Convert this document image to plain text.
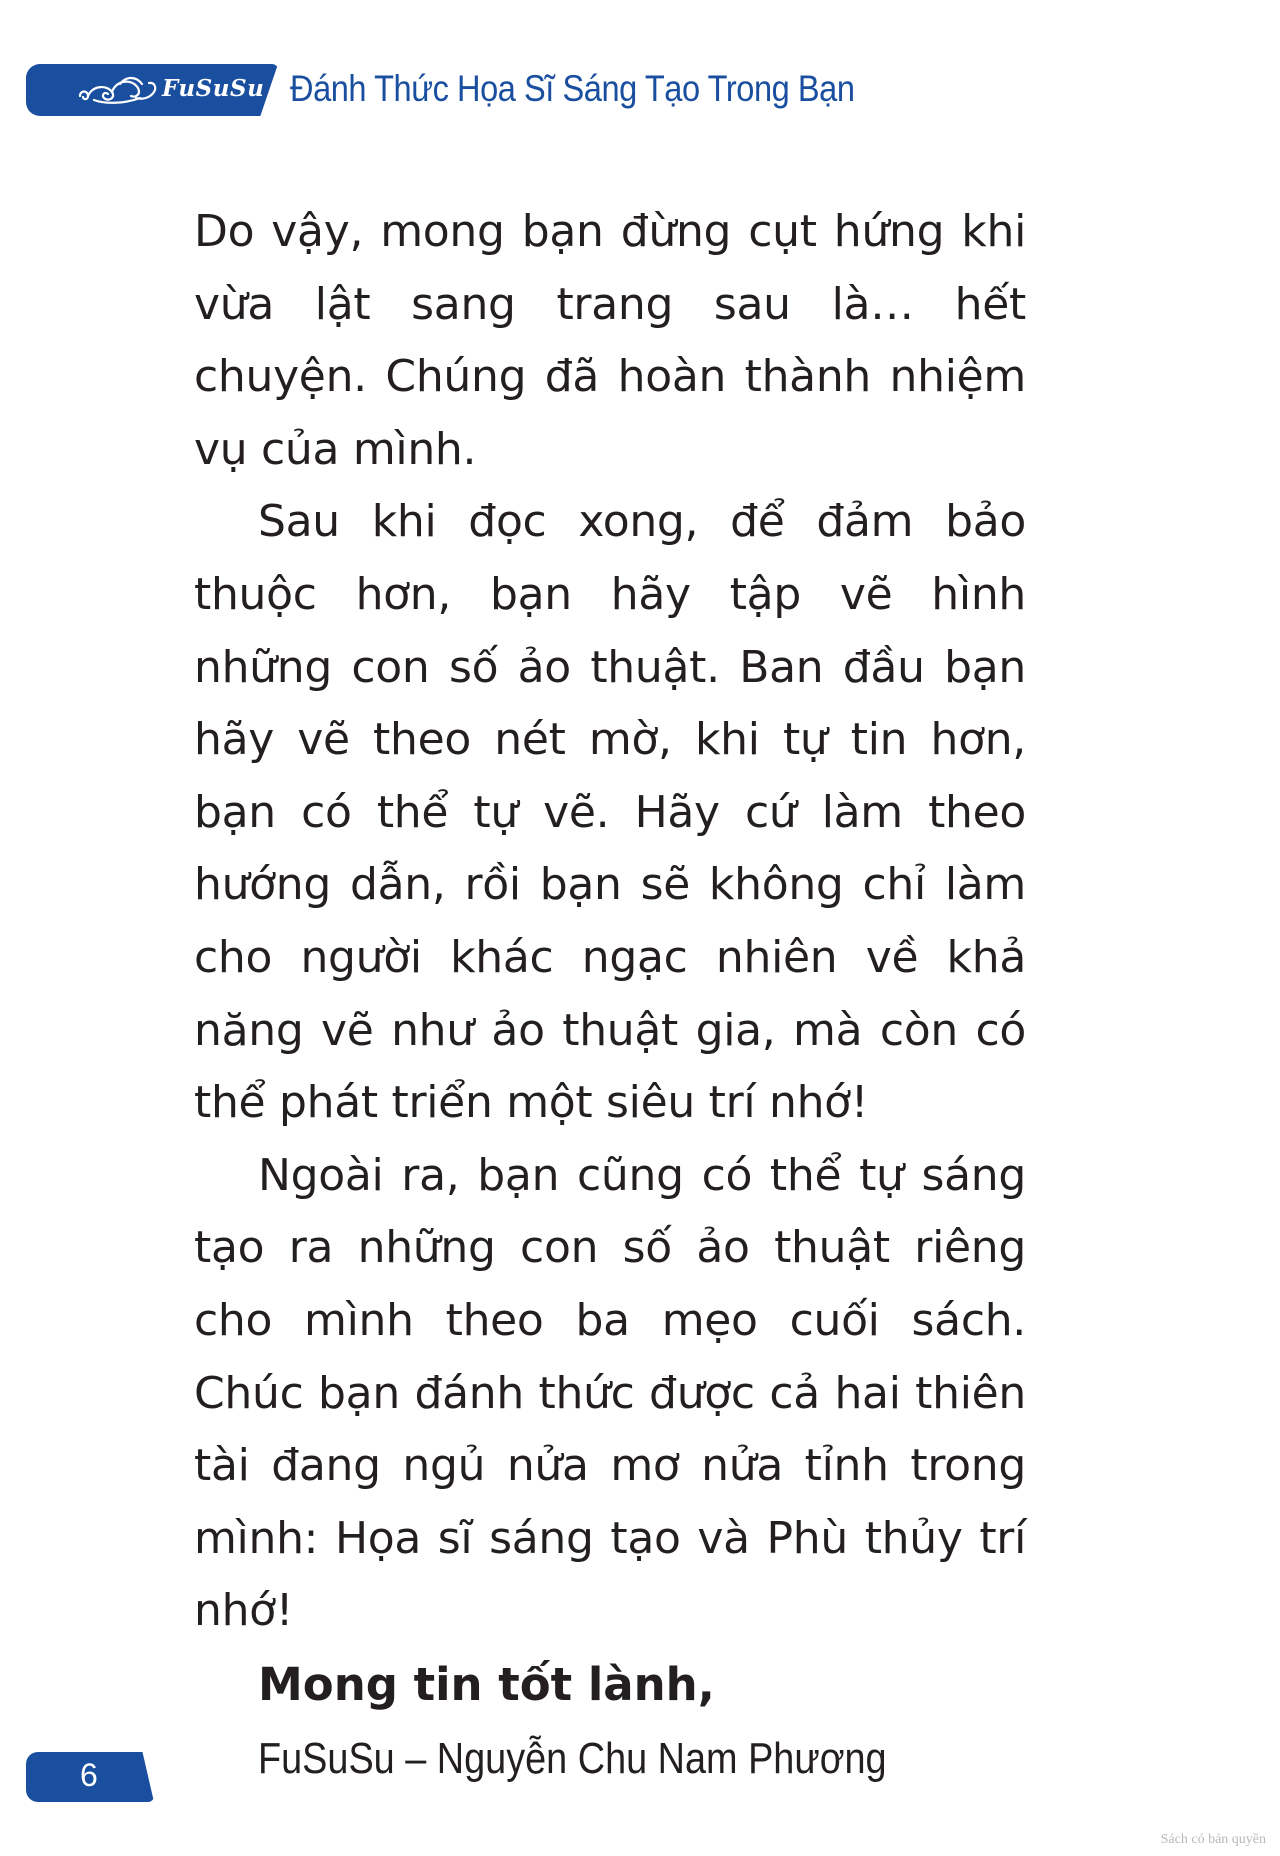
FuSuSu Đánh Thức Họa Sĩ Sáng Tạo Trong Bạn

Do vậy, mong bạn đừng cụt hứng khi vừa lật sang trang sau là… hết chuyện. Chúng đã hoàn thành nhiệm vụ của mình.

Sau khi đọc xong, để đảm bảo thuộc hơn, bạn hãy tập vẽ hình những con số ảo thuật. Ban đầu bạn hãy vẽ theo nét mờ, khi tự tin hơn, bạn có thể tự vẽ. Hãy cứ làm theo hướng dẫn, rồi bạn sẽ không chỉ làm cho người khác ngạc nhiên về khả năng vẽ như ảo thuật gia, mà còn có thể phát triển một siêu trí nhớ!

Ngoài ra, bạn cũng có thể tự sáng tạo ra những con số ảo thuật riêng cho mình theo ba mẹo cuối sách. Chúc bạn đánh thức được cả hai thiên tài đang ngủ nửa mơ nửa tỉnh trong mình: Họa sĩ sáng tạo và Phù thủy trí nhớ!

Mong tin tốt lành,

FuSuSu – Nguyễn Chu Nam Phương

6
Sách có bản quyền
